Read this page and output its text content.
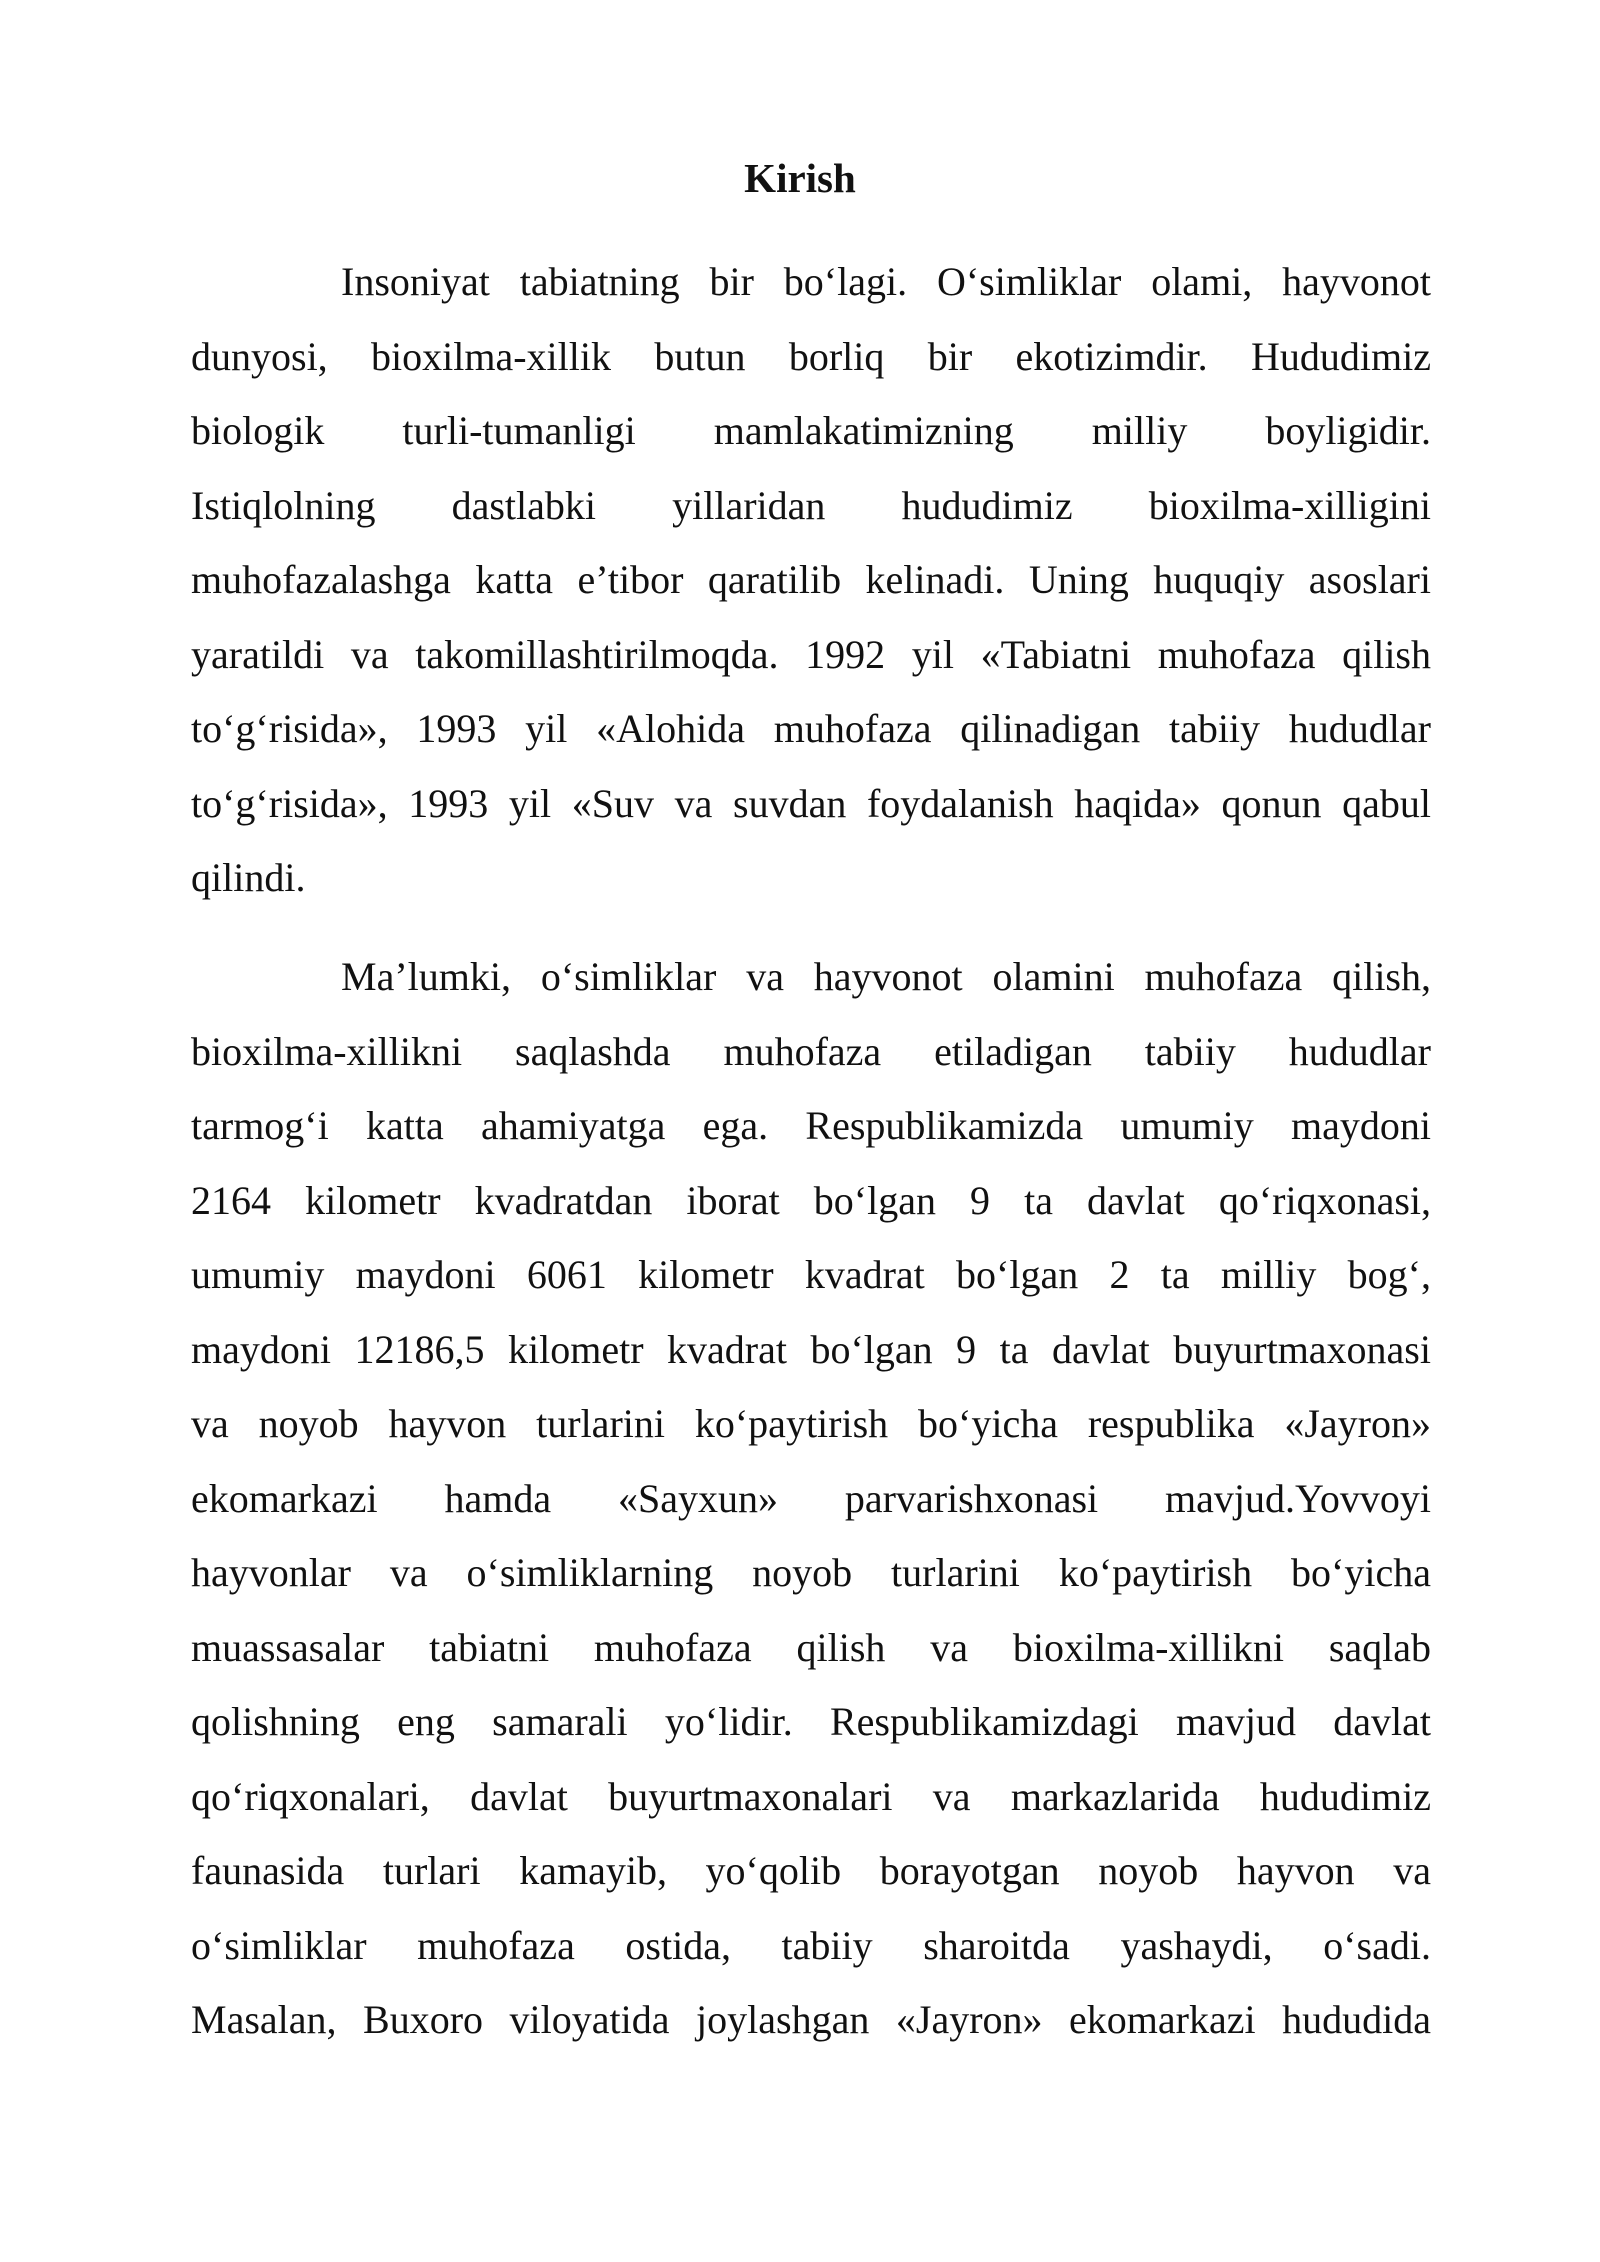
Kirish
Insoniyat tabiatning bir bo‘lagi. O‘simliklar olami, hayvonot
dunyosi, bioxilma-xillik butun borliq bir ekotizimdir. Hududimiz
biologik turli-tumanligi mamlakatimizning milliy boyligidir.
Istiqlolning dastlabki yillaridan hududimiz bioxilma-xilligini
muhofazalashga katta e’tibor qaratilib kelinadi. Uning huquqiy asoslari
yaratildi va takomillashtirilmoqda. 1992 yil «Tabiatni muhofaza qilish
to‘g‘risida», 1993 yil «Alohida muhofaza qilinadigan tabiiy hududlar
to‘g‘risida», 1993 yil «Suv va suvdan foydalanish haqida» qonun qabul
qilindi.
Ma’lumki, o‘simliklar va hayvonot olamini muhofaza qilish,
bioxilma-xillikni saqlashda muhofaza etiladigan tabiiy hududlar
tarmog‘i katta ahamiyatga ega. Respublikamizda umumiy maydoni
2164 kilometr kvadratdan iborat bo‘lgan 9 ta davlat qo‘riqxonasi,
umumiy maydoni 6061 kilometr kvadrat bo‘lgan 2 ta milliy bog‘,
maydoni 12186,5 kilometr kvadrat bo‘lgan 9 ta davlat buyurtmaxonasi
va noyob hayvon turlarini ko‘paytirish bo‘yicha respublika «Jayron»
ekomarkazi hamda «Sayxun» parvarishxonasi mavjud.Yovvoyi
hayvonlar va o‘simliklarning noyob turlarini ko‘paytirish bo‘yicha
muassasalar tabiatni muhofaza qilish va bioxilma-xillikni saqlab
qolishning eng samarali yo‘lidir. Respublikamizdagi mavjud davlat
qo‘riqxonalari, davlat buyurtmaxonalari va markazlarida hududimiz
faunasida turlari kamayib, yo‘qolib borayotgan noyob hayvon va
o‘simliklar muhofaza ostida, tabiiy sharoitda yashaydi, o‘sadi.
Masalan, Buxoro viloyatida joylashgan «Jayron» ekomarkazi hududida
